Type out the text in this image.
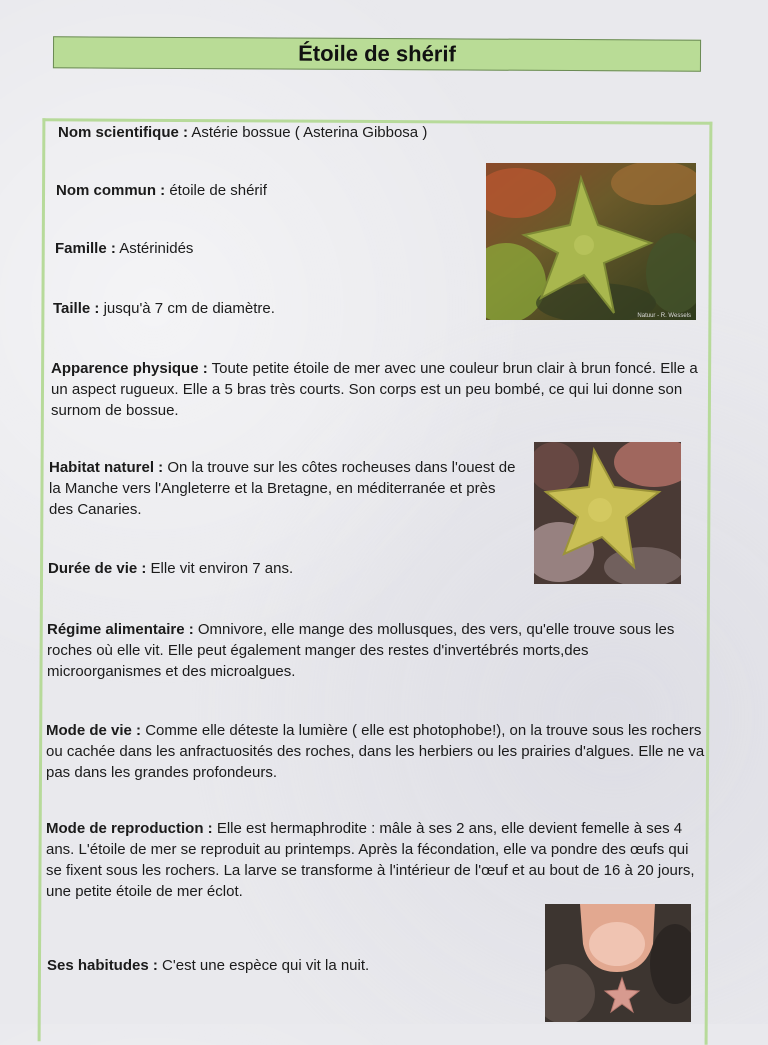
Étoile de shérif
Nom scientifique : Astérie bossue ( Asterina Gibbosa )
Nom commun : étoile de shérif
Famille : Astérinidés
Taille : jusqu'à 7 cm de diamètre.	Natuur - R. Wessels
Apparence physique : Toute petite étoile de mer avec une couleur brun clair à brun foncé. Elle a un aspect rugueux. Elle a 5 bras très courts. Son corps est un peu bombé, ce qui lui donne son surnom de bossue.
Habitat naturel : On la trouve sur les côtes rocheuses dans l'ouest de la Manche vers l'Angleterre et la Bretagne, en méditerranée et près des Canaries.
Durée de vie : Elle vit environ 7 ans.
Régime alimentaire : Omnivore, elle mange des mollusques, des vers, qu'elle trouve sous les roches où elle vit. Elle peut également manger des restes d'invertébrés morts,des microorganismes et des microalgues.
Mode de vie : Comme elle déteste la lumière ( elle est photophobe!), on la trouve sous les rochers ou cachée dans les anfractuosités des roches, dans les herbiers ou les prairies d'algues. Elle ne va pas dans les grandes profondeurs.
Mode de reproduction : Elle est hermaphrodite : mâle à ses 2 ans, elle devient femelle à ses 4 ans. L'étoile de mer se reproduit au printemps. Après la fécondation, elle va pondre des œufs qui se fixent sous les rochers. La larve se transforme à l'intérieur de l'œuf et au bout de 16 à 20 jours, une petite étoile de mer éclot.
Ses habitudes : C'est une espèce qui vit la nuit.
